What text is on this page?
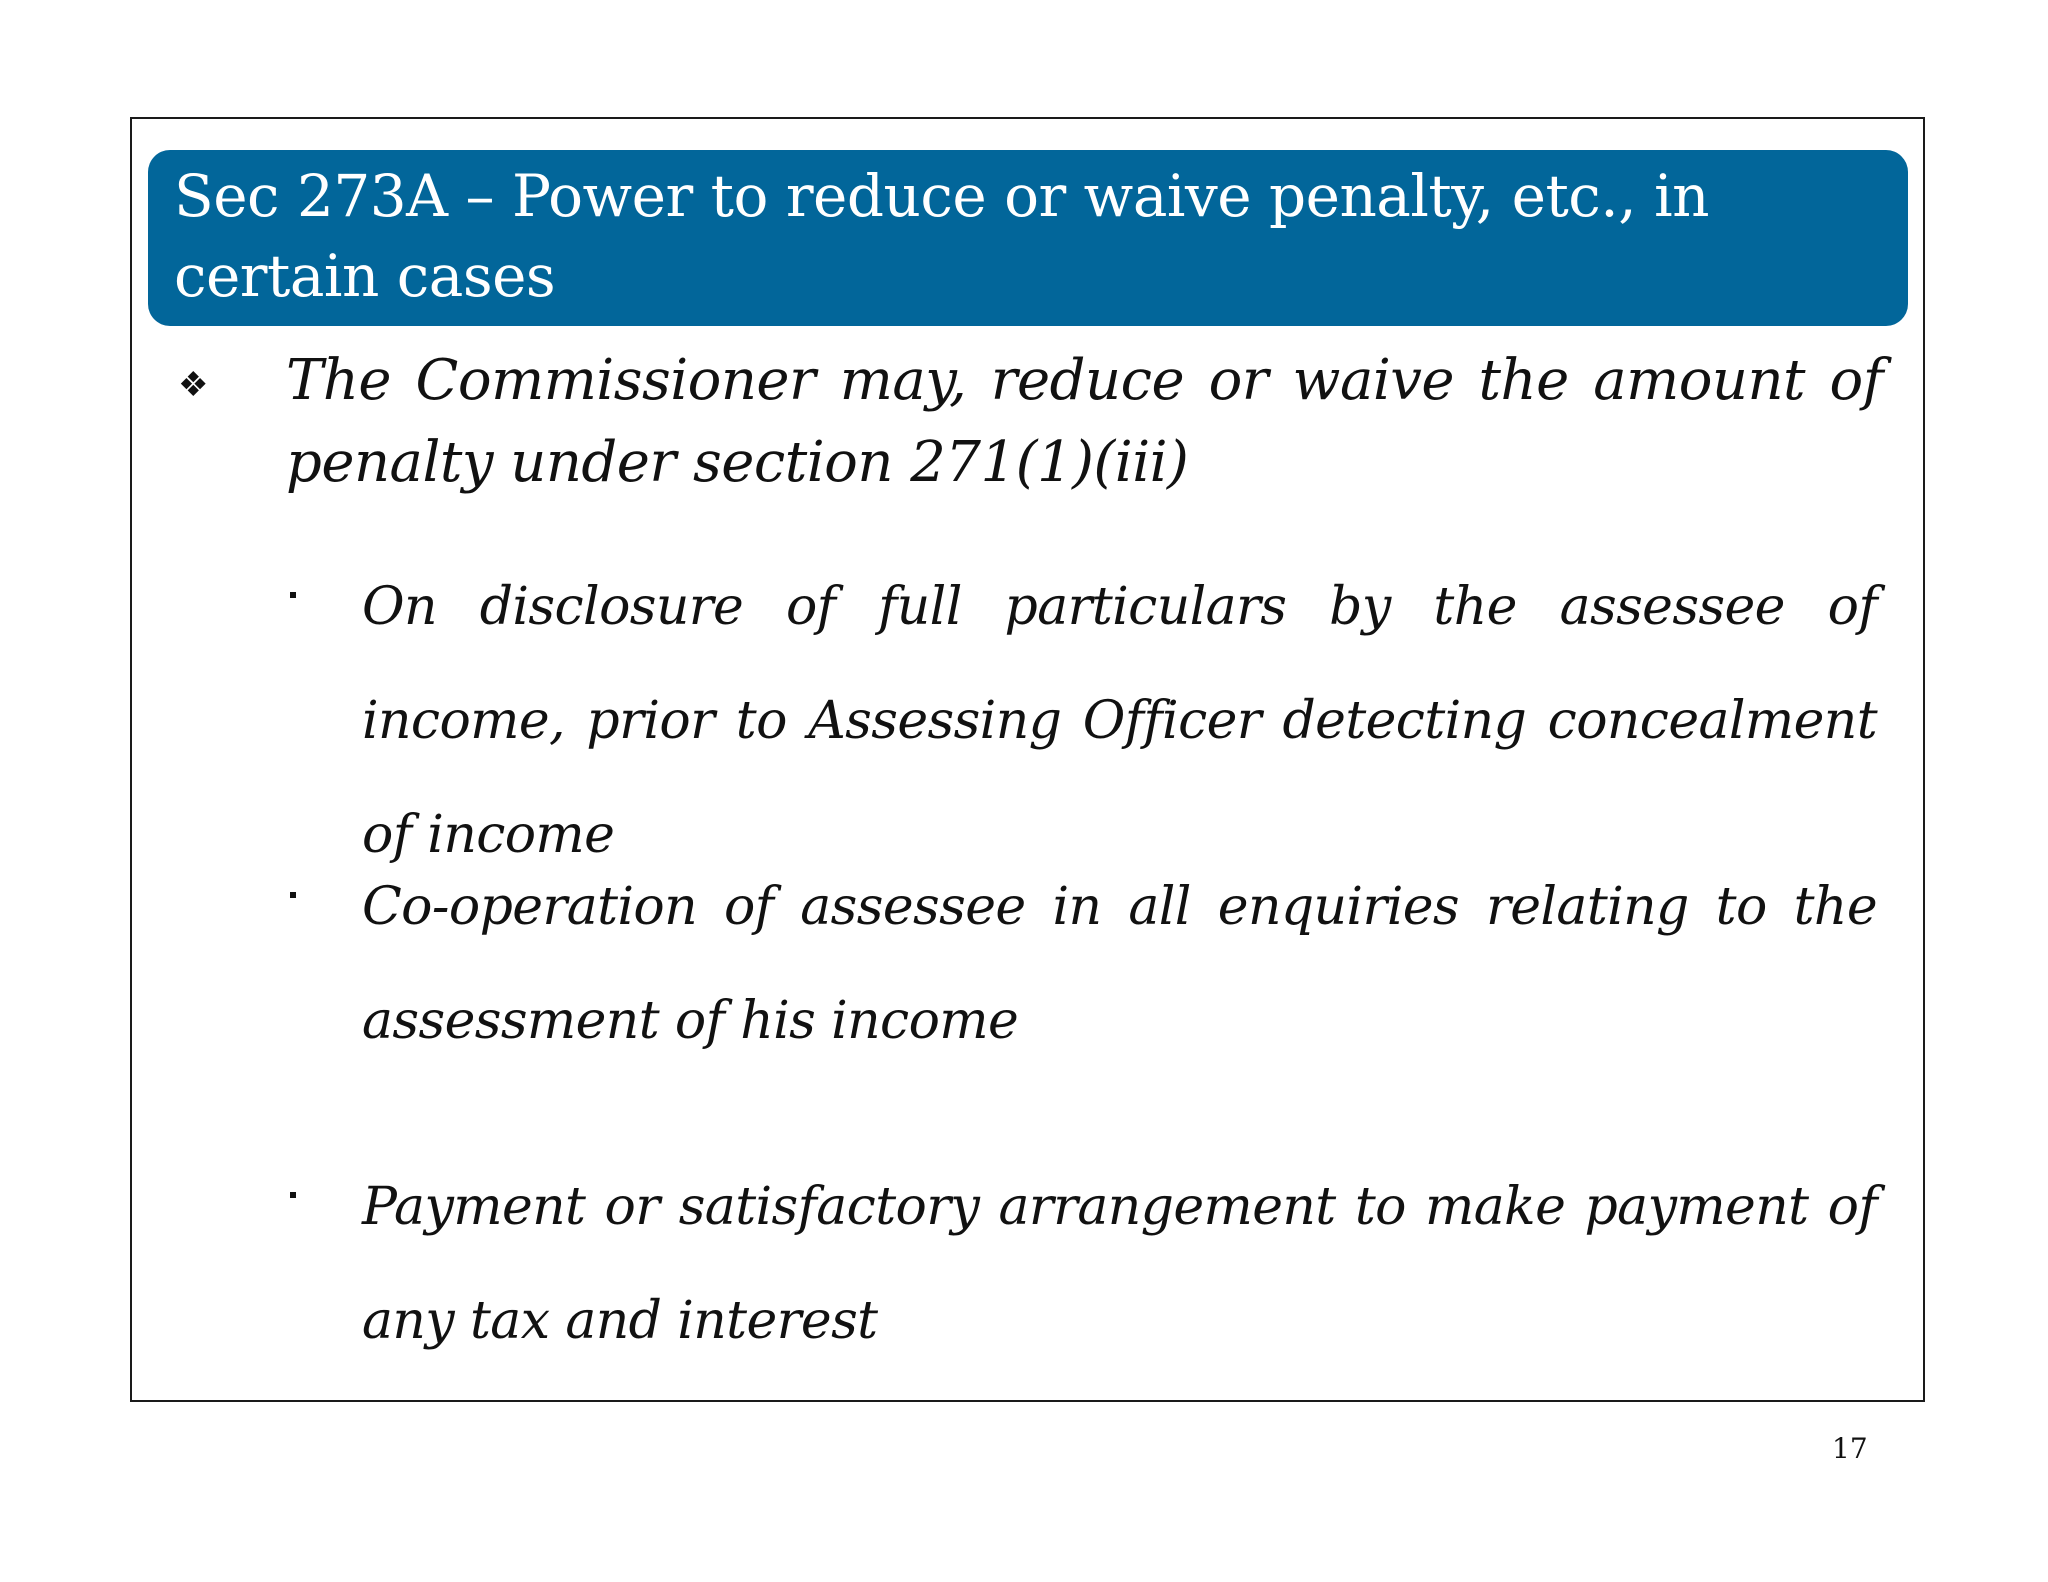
Sec 273A – Power to reduce or waive penalty, etc., in certain cases
❖ The Commissioner may, reduce or waive the amount of penalty under section 271(1)(iii)
On disclosure of full particulars by the assessee of income, prior to Assessing Officer detecting concealment of income
Co-operation of assessee in all enquiries relating to the assessment of his income
Payment or satisfactory arrangement to make payment of any tax and interest
17
